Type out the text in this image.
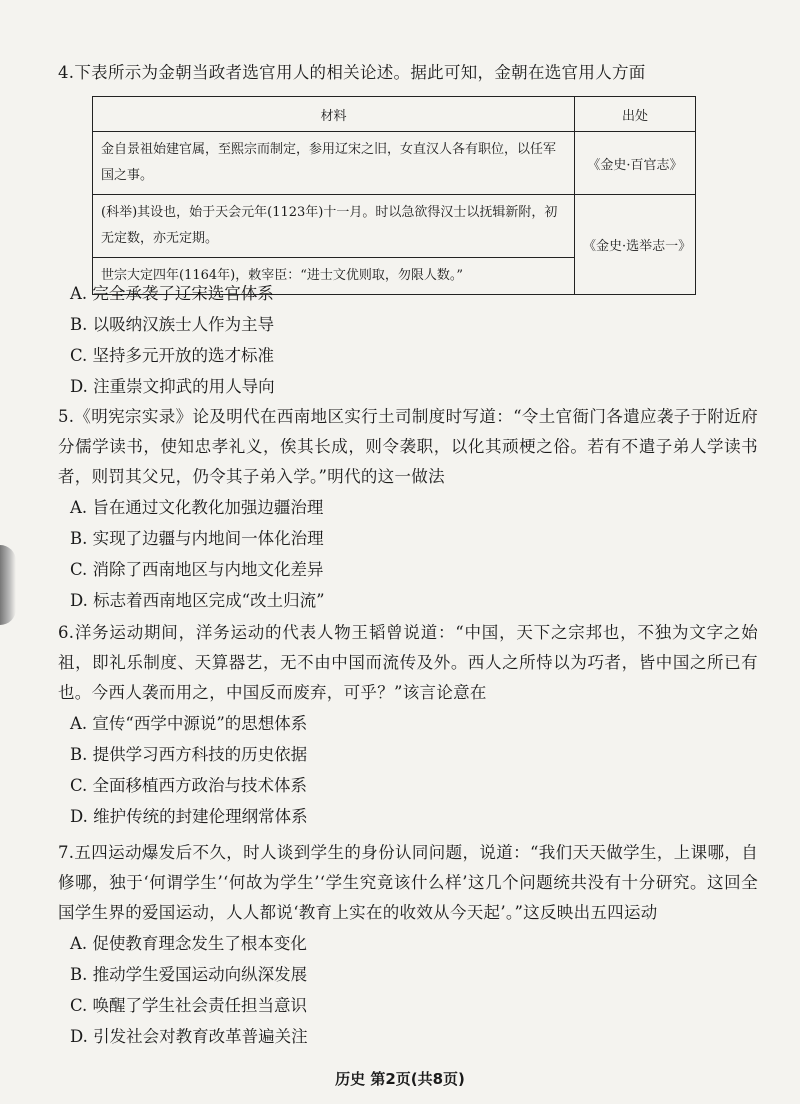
4.下表所示为金朝当政者选官用人的相关论述。据此可知，金朝在选官用人方面
材料	出处
金自景祖始建官属，至熙宗而制定，参用辽宋之旧，女直汉人各有职位，以任军国之事。	《金史·百官志》
(科举)其设也，始于天会元年(1123年)十一月。时以急欲得汉士以抚辑新附，初无定数，亦无定期。	《金史·选举志一》
世宗大定四年(1164年)，敕宰臣：“进士文优则取，勿限人数。”	
A. 完全承袭了辽宋选官体系
B. 以吸纳汉族士人作为主导
C. 坚持多元开放的选才标准
D. 注重崇文抑武的用人导向
5.《明宪宗实录》论及明代在西南地区实行土司制度时写道：“令土官衙门各遣应袭子于附近府分儒学读书，使知忠孝礼义，俟其长成，则令袭职，以化其顽梗之俗。若有不遣子弟人学读书者，则罚其父兄，仍令其子弟入学。”明代的这一做法
A. 旨在通过文化教化加强边疆治理
B. 实现了边疆与内地间一体化治理
C. 消除了西南地区与内地文化差异
D. 标志着西南地区完成“改土归流”
6.洋务运动期间，洋务运动的代表人物王韬曾说道：“中国，天下之宗邦也，不独为文字之始祖，即礼乐制度、天算器艺，无不由中国而流传及外。西人之所恃以为巧者，皆中国之所已有也。今西人袭而用之，中国反而废弃，可乎？”该言论意在
A. 宣传“西学中源说”的思想体系
B. 提供学习西方科技的历史依据
C. 全面移植西方政治与技术体系
D. 维护传统的封建伦理纲常体系
7.五四运动爆发后不久，时人谈到学生的身份认同问题，说道：“我们天天做学生，上课哪，自修哪，独于‘何谓学生’‘何故为学生’‘学生究竟该什么样’这几个问题统共没有十分研究。这回全国学生界的爱国运动，人人都说‘教育上实在的收效从今天起’。”这反映出五四运动
A. 促使教育理念发生了根本变化
B. 推动学生爱国运动向纵深发展
C. 唤醒了学生社会责任担当意识
D. 引发社会对教育改革普遍关注
历史 第2页(共8页)
